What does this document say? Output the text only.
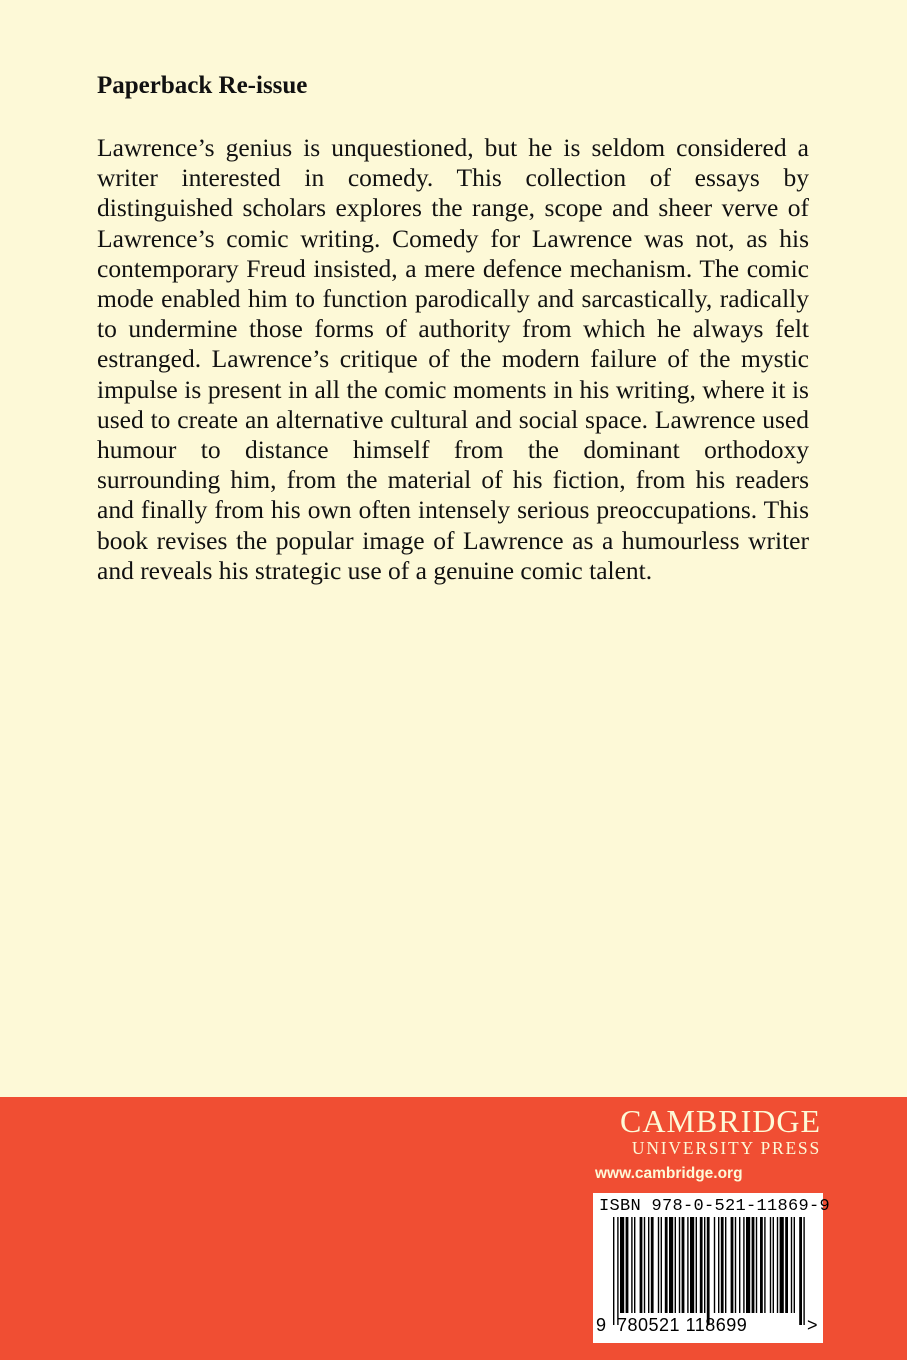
Paperback Re-issue

Lawrence’s genius is unquestioned, but he is seldom considered a writer interested in comedy. This collection of essays by distinguished scholars explores the range, scope and sheer verve of Lawrence’s comic writing. Comedy for Lawrence was not, as his contemporary Freud insisted, a mere defence mechanism. The comic mode enabled him to function parodically and sarcastically, radically to undermine those forms of authority from which he always felt estranged. Lawrence’s critique of the modern failure of the mystic impulse is present in all the comic moments in his writing, where it is used to create an alternative cultural and social space. Lawrence used humour to distance himself from the dominant orthodoxy surrounding him, from the material of his fiction, from his readers and finally from his own often intensely serious preoccupations. This book revises the popular image of Lawrence as a humourless writer and reveals his strategic use of a genuine comic talent.

CAMBRIDGE
UNIVERSITY PRESS
www.cambridge.org
ISBN 978-0-521-11869-9
9 780521 118699	>
